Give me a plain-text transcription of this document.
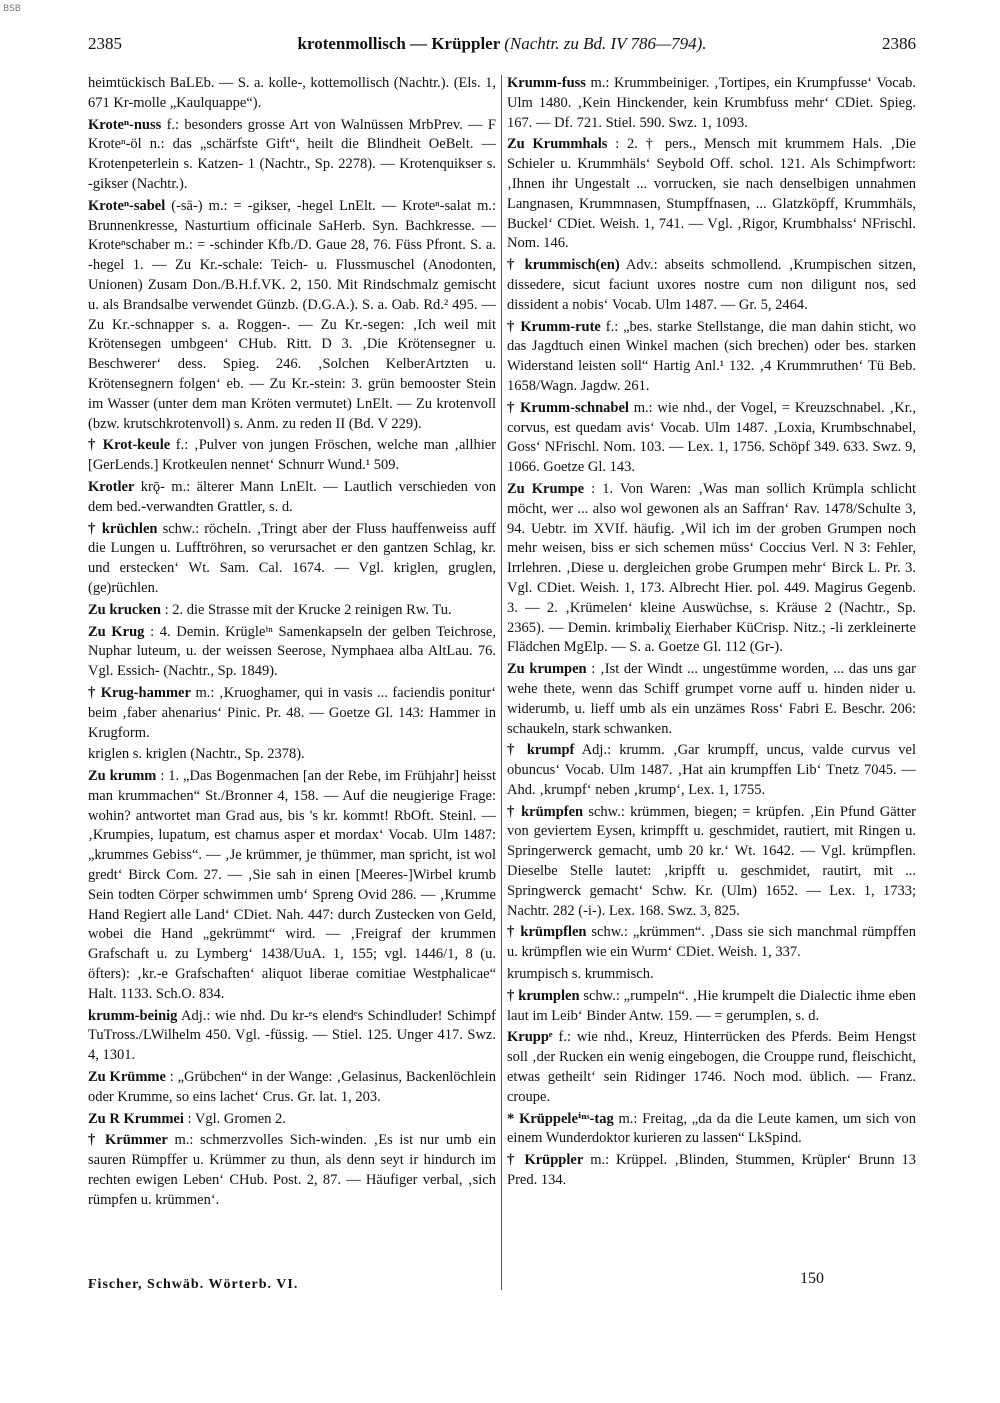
BSB
2385	krotenmollisch — Krüppler (Nachtr. zu Bd. IV 786—794).	2386

heimtückisch BaLEb. — S. a. kolle-, kottemollisch (Nachtr.). (Els. 1, 671 Kr-molle „Kaulquappe“).

Kroteⁿ-nuss f.: besonders grosse Art von Walnüssen MrbPrev. — F Kroteⁿ-öl n.: das „schärfste Gift“, heilt die Blindheit OeBelt. — Krotenpeterlein s. Katzen- 1 (Nachtr., Sp. 2278). — Krotenquikser s. -gikser (Nachtr.).

Kroteⁿ-sabel (-sā-) m.: = -gikser, -hegel LnElt. — Kroteⁿ-salat m.: Brunnenkresse, Nasturtium officinale SaHerb. Syn. Bachkresse. — Kroteⁿschaber m.: = -schinder Kfb./D. Gaue 28, 76. Füss Pfront. S. a. -hegel 1. — Zu Kr.-schale: Teich- u. Flussmuschel (Anodonten, Unionen) Zusam Don./B.H.f.VK. 2, 150. Mit Rindschmalz gemischt u. als Brandsalbe verwendet Günzb. (D.G.A.). S. a. Oab. Rd.² 495. — Zu Kr.-schnapper s. a. Roggen-. — Zu Kr.-segen: ‚Ich weil mit Krötensegen umbgeen‘ CHub. Ritt. D 3. ‚Die Krötensegner u. Beschwerer‘ dess. Spieg. 246. ‚Solchen KelberArtzten u. Krötensegnern folgen‘ eb. — Zu Kr.-stein: 3. grün bemooster Stein im Wasser (unter dem man Kröten vermutet) LnElt. — Zu krotenvoll (bzw. krutschkrotenvoll) s. Anm. zu reden II (Bd. V 229).

† Krot-keule f.: ‚Pulver von jungen Fröschen, welche man ‚allhier [GerLends.] Krotkeulen nennet‘ Schnurr Wund.¹ 509.

Krotler krǭ- m.: älterer Mann LnElt. — Lautlich verschieden von dem bed.-verwandten Grattler, s. d.

† krüchlen schw.: röcheln. ‚Tringt aber der Fluss hauffenweiss auff die Lungen u. Lufftröhren, so verursachet er den gantzen Schlag, kr. und erstecken‘ Wt. Sam. Cal. 1674. — Vgl. kriglen, gruglen, (ge)rüchlen.

Zu krucken : 2. die Strasse mit der Krucke 2 reinigen Rw. Tu.

Zu Krug : 4. Demin. Krügleⁱⁿ Samenkapseln der gelben Teichrose, Nuphar luteum, u. der weissen Seerose, Nymphaea alba AltLau. 76. Vgl. Essich- (Nachtr., Sp. 1849).

† Krug-hammer m.: ‚Kruoghamer, qui in vasis ... faciendis ponitur‘ beim ‚faber ahenarius‘ Pinic. Pr. 48. — Goetze Gl. 143: Hammer in Krugform.

kriglen s. kriglen (Nachtr., Sp. 2378).

Zu krumm : 1. „Das Bogenmachen [an der Rebe, im Frühjahr] heisst man krummachen“ St./Bronner 4, 158. — Auf die neugierige Frage: wohin? antwortet man Grad aus, bis 's kr. kommt! RbOft. Steinl. — ‚Krumpies, lupatum, est chamus asper et mordax‘ Vocab. Ulm 1487: „krummes Gebiss“. — ‚Je krümmer, je thümmer, man spricht, ist wol gredt‘ Birck Com. 27. — ‚Sie sah in einen [Meeres-]Wirbel krumb Sein todten Cörper schwimmen umb‘ Spreng Ovid 286. — ‚Krumme Hand Regiert alle Land‘ CDiet. Nah. 447: durch Zustecken von Geld, wobei die Hand „gekrümmt“ wird. — ‚Freigraf der krummen Grafschaft u. zu Lymberg‘ 1438/UuA. 1, 155; vgl. 1446/1, 8 (u. öfters): ‚kr.-e Grafschaften‘ aliquot liberae comitiae Westphalicae“ Halt. 1133. Sch.O. 834.

krumm-beinig Adj.: wie nhd. Du kr-ᵉs elendᵉs Schindluder! Schimpf TuTross./LWilhelm 450. Vgl. -füssig. — Stiel. 125. Unger 417. Swz. 4, 1301.

Zu Krümme : „Grübchen“ in der Wange: ‚Gelasinus, Backenlöchlein oder Krumme, so eins lachet‘ Crus. Gr. lat. 1, 203.

Zu R Krummei : Vgl. Gromen 2.

† Krümmer m.: schmerzvolles Sich-winden. ‚Es ist nur umb ein sauren Rümpffer u. Krümmer zu thun, als denn seyt ir hindurch im rechten ewigen Leben‘ CHub. Post. 2, 87. — Häufiger verbal, ‚sich rümpfen u. krümmen‘.

Krumm-fuss m.: Krummbeiniger. ‚Tortipes, ein Krumpfusse‘ Vocab. Ulm 1480. ‚Kein Hinckender, kein Krumbfuss mehr‘ CDiet. Spieg. 167. — Df. 721. Stiel. 590. Swz. 1, 1093.

Zu Krummhals : 2. † pers., Mensch mit krummem Hals. ‚Die Schieler u. Krummhäls‘ Seybold Off. schol. 121. Als Schimpfwort: ‚Ihnen ihr Ungestalt ... vorrucken, sie nach denselbigen unnahmen Langnasen, Krummnasen, Stumpffnasen, ... Glatzköpff, Krummhäls, Buckel‘ CDiet. Weish. 1, 741. — Vgl. ‚Rigor, Krumbhalss‘ NFrischl. Nom. 146.

† krummisch(en) Adv.: abseits schmollend. ‚Krumpischen sitzen, dissedere, sicut faciunt uxores nostre cum non diligunt nos, sed dissident a nobis‘ Vocab. Ulm 1487. — Gr. 5, 2464.

† Krumm-rute f.: „bes. starke Stellstange, die man dahin sticht, wo das Jagdtuch einen Winkel machen (sich brechen) oder bes. starken Widerstand leisten soll“ Hartig Anl.¹ 132. ‚4 Krummruthen‘ Tü Beb. 1658/Wagn. Jagdw. 261.

† Krumm-schnabel m.: wie nhd., der Vogel, = Kreuzschnabel. ‚Kr., corvus, est quedam avis‘ Vocab. Ulm 1487. ‚Loxia, Krumbschnabel, Goss‘ NFrischl. Nom. 103. — Lex. 1, 1756. Schöpf 349. 633. Swz. 9, 1066. Goetze Gl. 143.

Zu Krumpe : 1. Von Waren: ‚Was man sollich Krümpla schlicht möcht, wer ... also wol gewonen als an Saffran‘ Rav. 1478/Schulte 3, 94. Uebtr. im XVIf. häufig. ‚Wil ich im der groben Grumpen noch mehr weisen, biss er sich schemen müss‘ Coccius Verl. N 3: Fehler, Irrlehren. ‚Diese u. dergleichen grobe Grumpen mehr‘ Birck L. Pr. 3. Vgl. CDiet. Weish. 1, 173. Albrecht Hier. pol. 449. Magirus Gegenb. 3. — 2. ‚Krümelen‘ kleine Auswüchse, s. Kräuse 2 (Nachtr., Sp. 2365). — Demin. krimbəliχ Eierhaber KüCrisp. Nitz.; -li zerkleinerte Flädchen MgElp. — S. a. Goetze Gl. 112 (Gr-).

Zu krumpen : ‚Ist der Windt ... ungestümme worden, ... das uns gar wehe thete, wenn das Schiff grumpet vorne auff u. hinden nider u. widerumb, u. lieff umb als ein unzämes Ross‘ Fabri E. Beschr. 206: schaukeln, stark schwanken.

† krumpf Adj.: krumm. ‚Gar krumpff, uncus, valde curvus vel obuncus‘ Vocab. Ulm 1487. ‚Hat ain krumpffen Lib‘ Tnetz 7045. — Ahd. ‚krumpf‘ neben ‚krump‘, Lex. 1, 1755.

† krümpfen schw.: krümmen, biegen; = krüpfen. ‚Ein Pfund Gätter von geviertem Eysen, krimpfft u. geschmidet, rautiert, mit Ringen u. Springerwerck gemacht, umb 20 kr.‘ Wt. 1642. — Vgl. krümpflen. Dieselbe Stelle lautet: ‚kripfft u. geschmidet, rautirt, mit ... Springwerck gemacht‘ Schw. Kr. (Ulm) 1652. — Lex. 1, 1733; Nachtr. 282 (-i-). Lex. 168. Swz. 3, 825.

† krümpflen schw.: „krümmen“. ‚Dass sie sich manchmal rümpffen u. krümpflen wie ein Wurm‘ CDiet. Weish. 1, 337.

krumpisch s. krummisch.

† krumplen schw.: „rumpeln“. ‚Hie krumpelt die Dialectic ihme eben laut im Leib‘ Binder Antw. 159. — = gerumplen, s. d.

Kruppᵉ f.: wie nhd., Kreuz, Hinterrücken des Pferds. Beim Hengst soll ‚der Rucken ein wenig eingebogen, die Crouppe rund, fleischicht, etwas getheilt‘ sein Ridinger 1746. Noch mod. üblich. — Franz. croupe.

* Krüppeleⁱⁿˢ-tag m.: Freitag, „da da die Leute kamen, um sich von einem Wunderdoktor kurieren zu lassen“ LkSpind.

† Krüppler m.: Krüppel. ‚Blinden, Stummen, Krüpler‘ Brunn 13 Pred. 134.

Fischer, Schwäb. Wörterb. VI.	150
